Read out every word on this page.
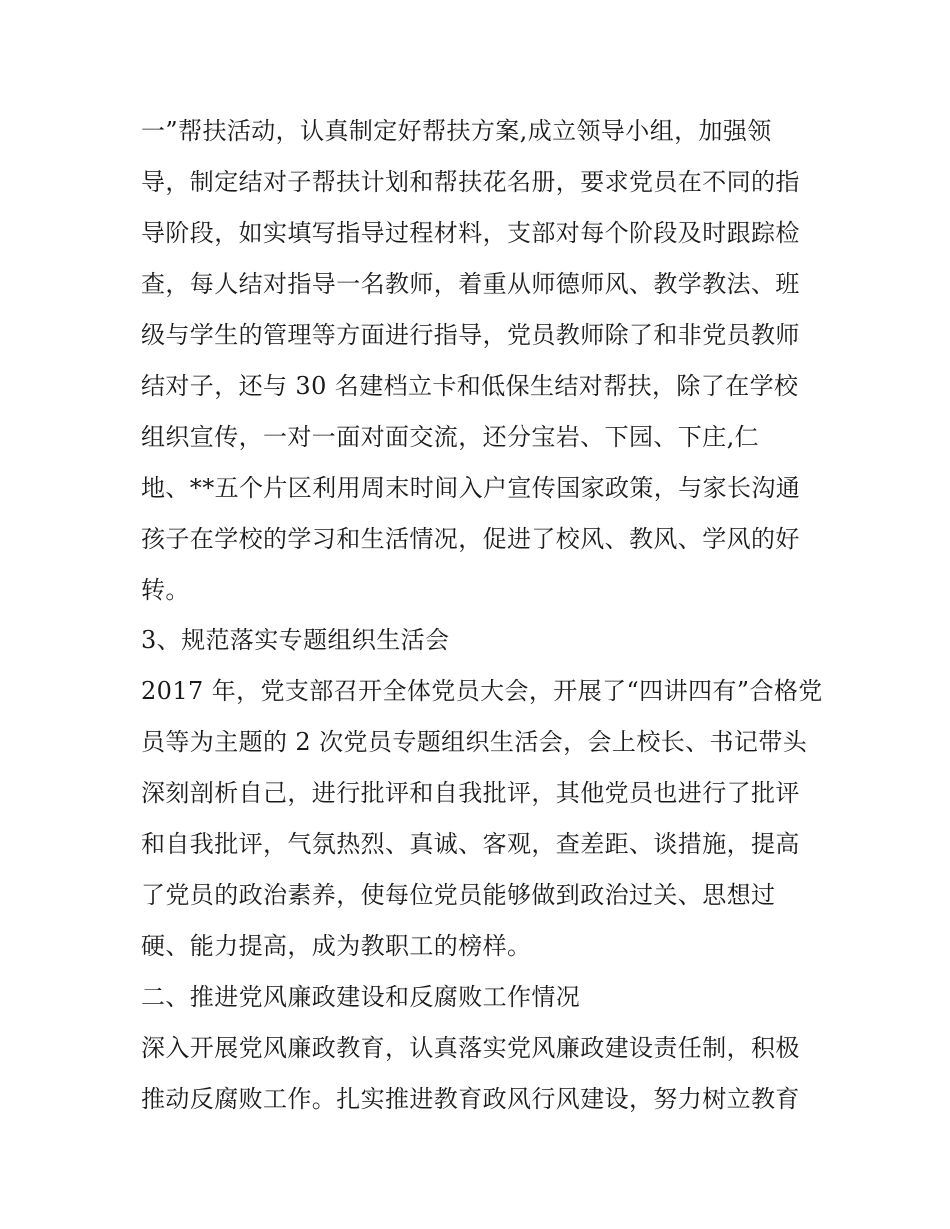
一”帮扶活动，认真制定好帮扶方案,成立领导小组，加强领
导，制定结对子帮扶计划和帮扶花名册，要求党员在不同的指
导阶段，如实填写指导过程材料，支部对每个阶段及时跟踪检
查，每人结对指导一名教师，着重从师德师风、教学教法、班
级与学生的管理等方面进行指导，党员教师除了和非党员教师
结对子，还与 30 名建档立卡和低保生结对帮扶，除了在学校
组织宣传，一对一面对面交流，还分宝岩、下园、下庄,仁
地、**五个片区利用周末时间入户宣传国家政策，与家长沟通
孩子在学校的学习和生活情况，促进了校风、教风、学风的好
转。
3、规范落实专题组织生活会
2017 年，党支部召开全体党员大会，开展了“四讲四有”合格党
员等为主题的 2 次党员专题组织生活会，会上校长、书记带头
深刻剖析自己，进行批评和自我批评，其他党员也进行了批评
和自我批评，气氛热烈、真诚、客观，查差距、谈措施，提高
了党员的政治素养，使每位党员能够做到政治过关、思想过
硬、能力提高，成为教职工的榜样。
二、推进党风廉政建设和反腐败工作情况
深入开展党风廉政教育，认真落实党风廉政建设责任制，积极
推动反腐败工作。扎实推进教育政风行风建设，努力树立教育
